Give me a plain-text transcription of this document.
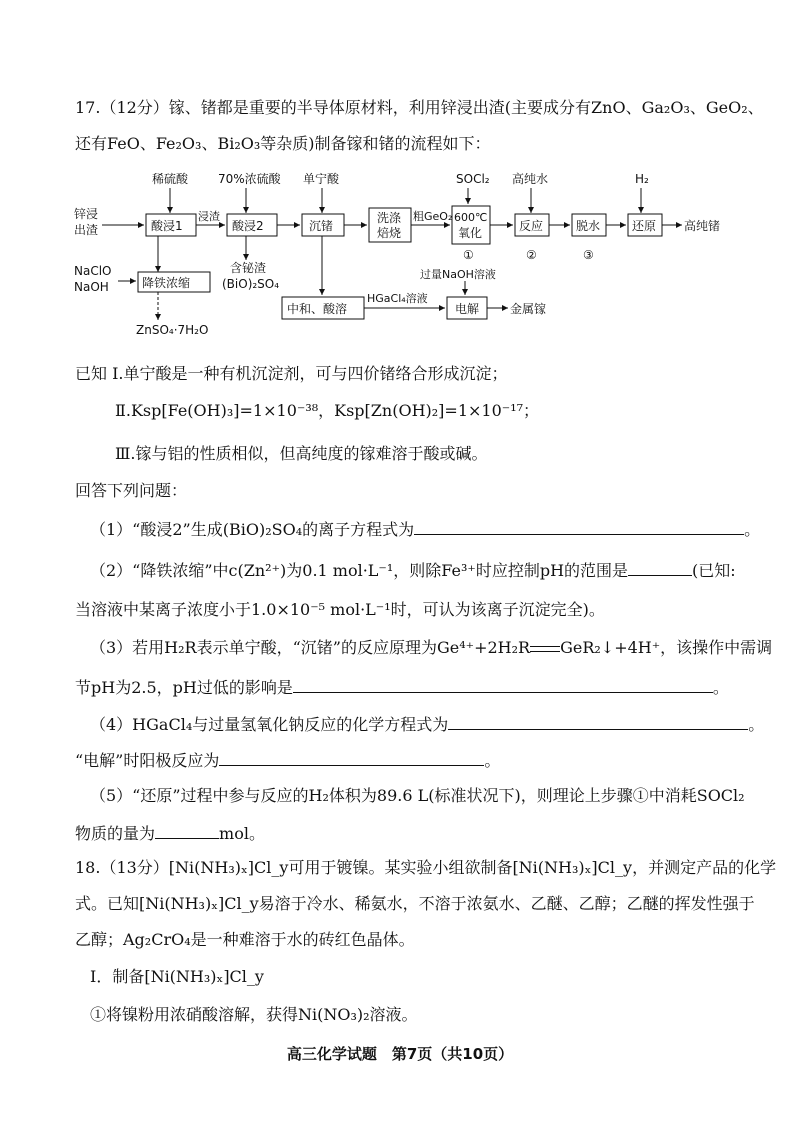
17.（12分）镓、锗都是重要的半导体原材料，利用锌浸出渣(主要成分有ZnO、Ga₂O₃、GeO₂、
还有FeO、Fe₂O₃、Bi₂O₃等杂质)制备镓和锗的流程如下：
稀硫酸 70%浓硫酸 单宁酸	SOCl₂ 高纯水	H₂
锌浸
出渣	酸浸1
浸渣
酸浸2	沉锗
洗涤
焙烧
粗GeO₂ 600℃
氧化
①
反应
②
脱水
③
还原 高纯锗
NaClO
NaOH	降铁浓缩
ZnSO₄·7H₂O
含铋渣
(BiO)₂SO₄
中和、酸溶
HGaCl₄溶液
过量NaOH溶液
电解	金属镓
已知 Ⅰ.单宁酸是一种有机沉淀剂，可与四价锗络合形成沉淀；
Ⅱ.Ksp[Fe(OH)₃]=1×10⁻³⁸，Ksp[Zn(OH)₂]=1×10⁻¹⁷；
Ⅲ.镓与铝的性质相似，但高纯度的镓难溶于酸或碱。
回答下列问题：
（1）“酸浸2”生成(BiO)₂SO₄的离子方程式为	。
（2）“降铁浓缩”中c(Zn²⁺)为0.1 mol·L⁻¹，则除Fe³⁺时应控制pH的范围是	(已知:
当溶液中某离子浓度小于1.0×10⁻⁵ mol·L⁻¹时，可认为该离子沉淀完全)。
（3）若用H₂R表示单宁酸，“沉锗”的反应原理为Ge⁴⁺+2H₂R GeR₂↓+4H⁺，该操作中需调
节pH为2.5，pH过低的影响是	。
（4）HGaCl₄与过量氢氧化钠反应的化学方程式为	。
“电解”时阳极反应为	。
（5）“还原”过程中参与反应的H₂体积为89.6 L(标准状况下)，则理论上步骤①中消耗SOCl₂
物质的量为	mol。
18.（13分）[Ni(NH₃)ₓ]Cl_y可用于镀镍。某实验小组欲制备[Ni(NH₃)ₓ]Cl_y，并测定产品的化学
式。已知[Ni(NH₃)ₓ]Cl_y易溶于冷水、稀氨水，不溶于浓氨水、乙醚、乙醇；乙醚的挥发性强于
乙醇；Ag₂CrO₄是一种难溶于水的砖红色晶体。
Ⅰ．制备[Ni(NH₃)ₓ]Cl_y
①将镍粉用浓硝酸溶解，获得Ni(NO₃)₂溶液。
高三化学试题　第7页（共10页）
